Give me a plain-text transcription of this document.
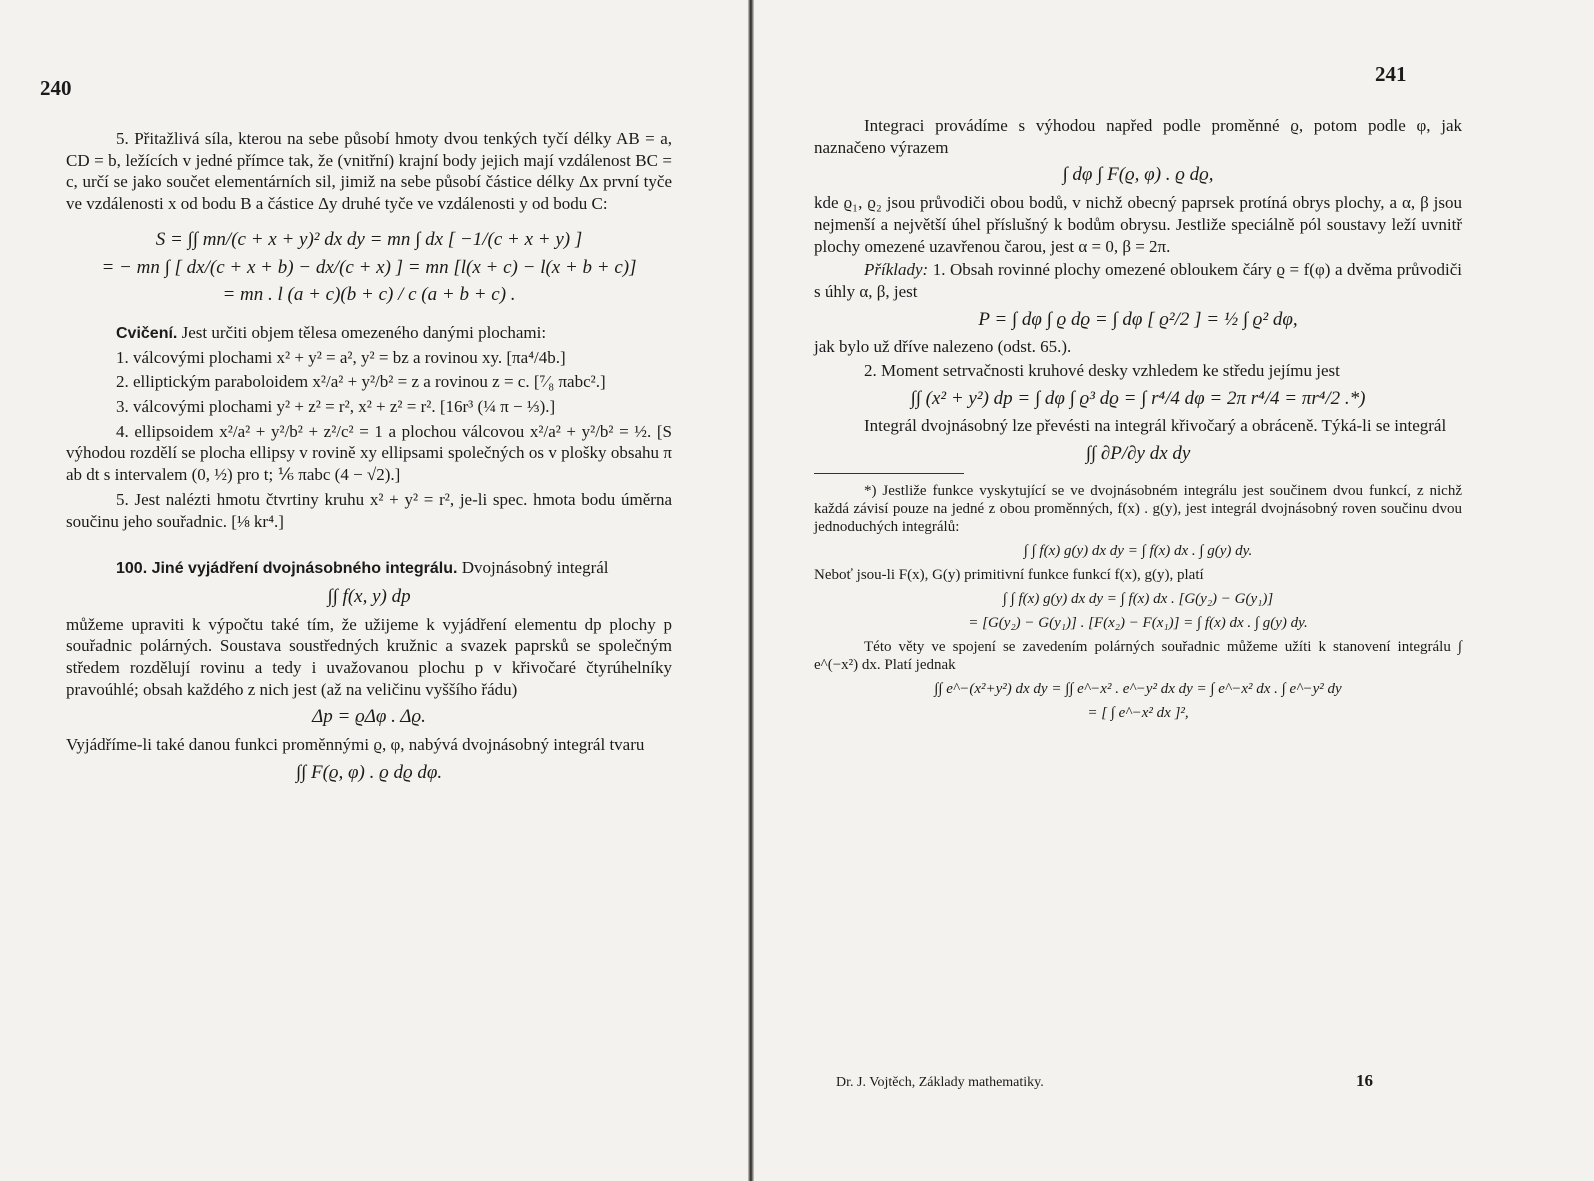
240

5. Přitažlivá síla, kterou na sebe působí hmoty dvou tenkých tyčí délky AB = a, CD = b, ležících v jedné přímce tak, že (vnitřní) krajní body jejich mají vzdálenost BC = c, určí se jako součet elementárních sil, jimiž na sebe působí částice délky Δx první tyče ve vzdálenosti x od bodu B a částice Δy druhé tyče ve vzdálenosti y od bodu C:

S = ∫∫ mn/(c + x + y)² dx dy = mn ∫ dx [ −1/(c + x + y) ]
= − mn ∫ [ dx/(c + x + b) − dx/(c + x) ] = mn [l(x + c) − l(x + b + c)]
= mn . l (a + c)(b + c) / c (a + b + c) .

Cvičení. Jest určiti objem tělesa omezeného danými plochami:

1. válcovými plochami x² + y² = a², y² = bz a rovinou xy. [πa⁴/4b.]

2. elliptickým paraboloidem x²/a² + y²/b² = z a rovinou z = c. [⁷⁄₈ πabc².]

3. válcovými plochami y² + z² = r², x² + z² = r². [16r³ (¼ π − ⅓).]

4. ellipsoidem x²/a² + y²/b² + z²/c² = 1 a plochou válcovou x²/a² + y²/b² = ½. [S výhodou rozdělí se plocha ellipsy v rovině xy ellipsami společných os v plošky obsahu π ab dt s intervalem (0, ½) pro t; ⅙ πabc (4 − √2).]

5. Jest nalézti hmotu čtvrtiny kruhu x² + y² = r², je-li spec. hmota bodu úměrna součinu jeho souřadnic. [⅛ kr⁴.]

100. Jiné vyjádření dvojnásobného integrálu. Dvojnásobný integrál

∫∫ f(x, y) dp

můžeme upraviti k výpočtu také tím, že užijeme k vyjádření elementu dp plochy p souřadnic polárných. Soustava soustředných kružnic a svazek paprsků se společným středem rozdělují rovinu a tedy i uvažovanou plochu p v křivočaré čtyrúhelníky pravoúhlé; obsah každého z nich jest (až na veličinu vyššího řádu)

Δp = ϱΔφ . Δϱ.

Vyjádříme-li také danou funkci proměnnými ϱ, φ, nabývá dvojnásobný integrál tvaru

∫∫ F(ϱ, φ) . ϱ dϱ dφ.
241

Integraci provádíme s výhodou napřed podle proměnné ϱ, potom podle φ, jak naznačeno výrazem

∫ dφ ∫ F(ϱ, φ) . ϱ dϱ,

kde ϱ₁, ϱ₂ jsou průvodiči obou bodů, v nichž obecný paprsek protíná obrys plochy, a α, β jsou nejmenší a největší úhel příslušný k bodům obrysu. Jestliže speciálně pól soustavy leží uvnitř plochy omezené uzavřenou čarou, jest α = 0, β = 2π.

Příklady: 1. Obsah rovinné plochy omezené obloukem čáry ϱ = f(φ) a dvěma průvodiči s úhly α, β, jest

P = ∫ dφ ∫ ϱ dϱ = ∫ dφ [ ϱ²/2 ] = ½ ∫ ϱ² dφ,

jak bylo už dříve nalezeno (odst. 65.).

2. Moment setrvačnosti kruhové desky vzhledem ke středu jejímu jest

∫∫ (x² + y²) dp = ∫ dφ ∫ ϱ³ dϱ = ∫ r⁴/4 dφ = 2π r⁴/4 = πr⁴/2 .*)

Integrál dvojnásobný lze převésti na integrál křivočarý a obráceně. Týká-li se integrál

∫∫ ∂P/∂y dx dy

*) Jestliže funkce vyskytující se ve dvojnásobném integrálu jest součinem dvou funkcí, z nichž každá závisí pouze na jedné z obou proměnných, f(x) . g(y), jest integrál dvojnásobný roven součinu dvou jednoduchých integrálů:

∫ ∫ f(x) g(y) dx dy = ∫ f(x) dx . ∫ g(y) dy.

Neboť jsou-li F(x), G(y) primitivní funkce funkcí f(x), g(y), platí

∫ ∫ f(x) g(y) dx dy = ∫ f(x) dx . [G(y₂) − G(y₁)]
= [G(y₂) − G(y₁)] . [F(x₂) − F(x₁)] = ∫ f(x) dx . ∫ g(y) dy.

Této věty ve spojení se zavedením polárných souřadnic můžeme užíti k stanovení integrálu ∫ e^(−x²) dx. Platí jednak

∫∫ e^−(x²+y²) dx dy = ∫∫ e^−x² . e^−y² dx dy = ∫ e^−x² dx . ∫ e^−y² dy
= [ ∫ e^−x² dx ]²,
Dr. J. Vojtěch, Základy mathematiky.	16
